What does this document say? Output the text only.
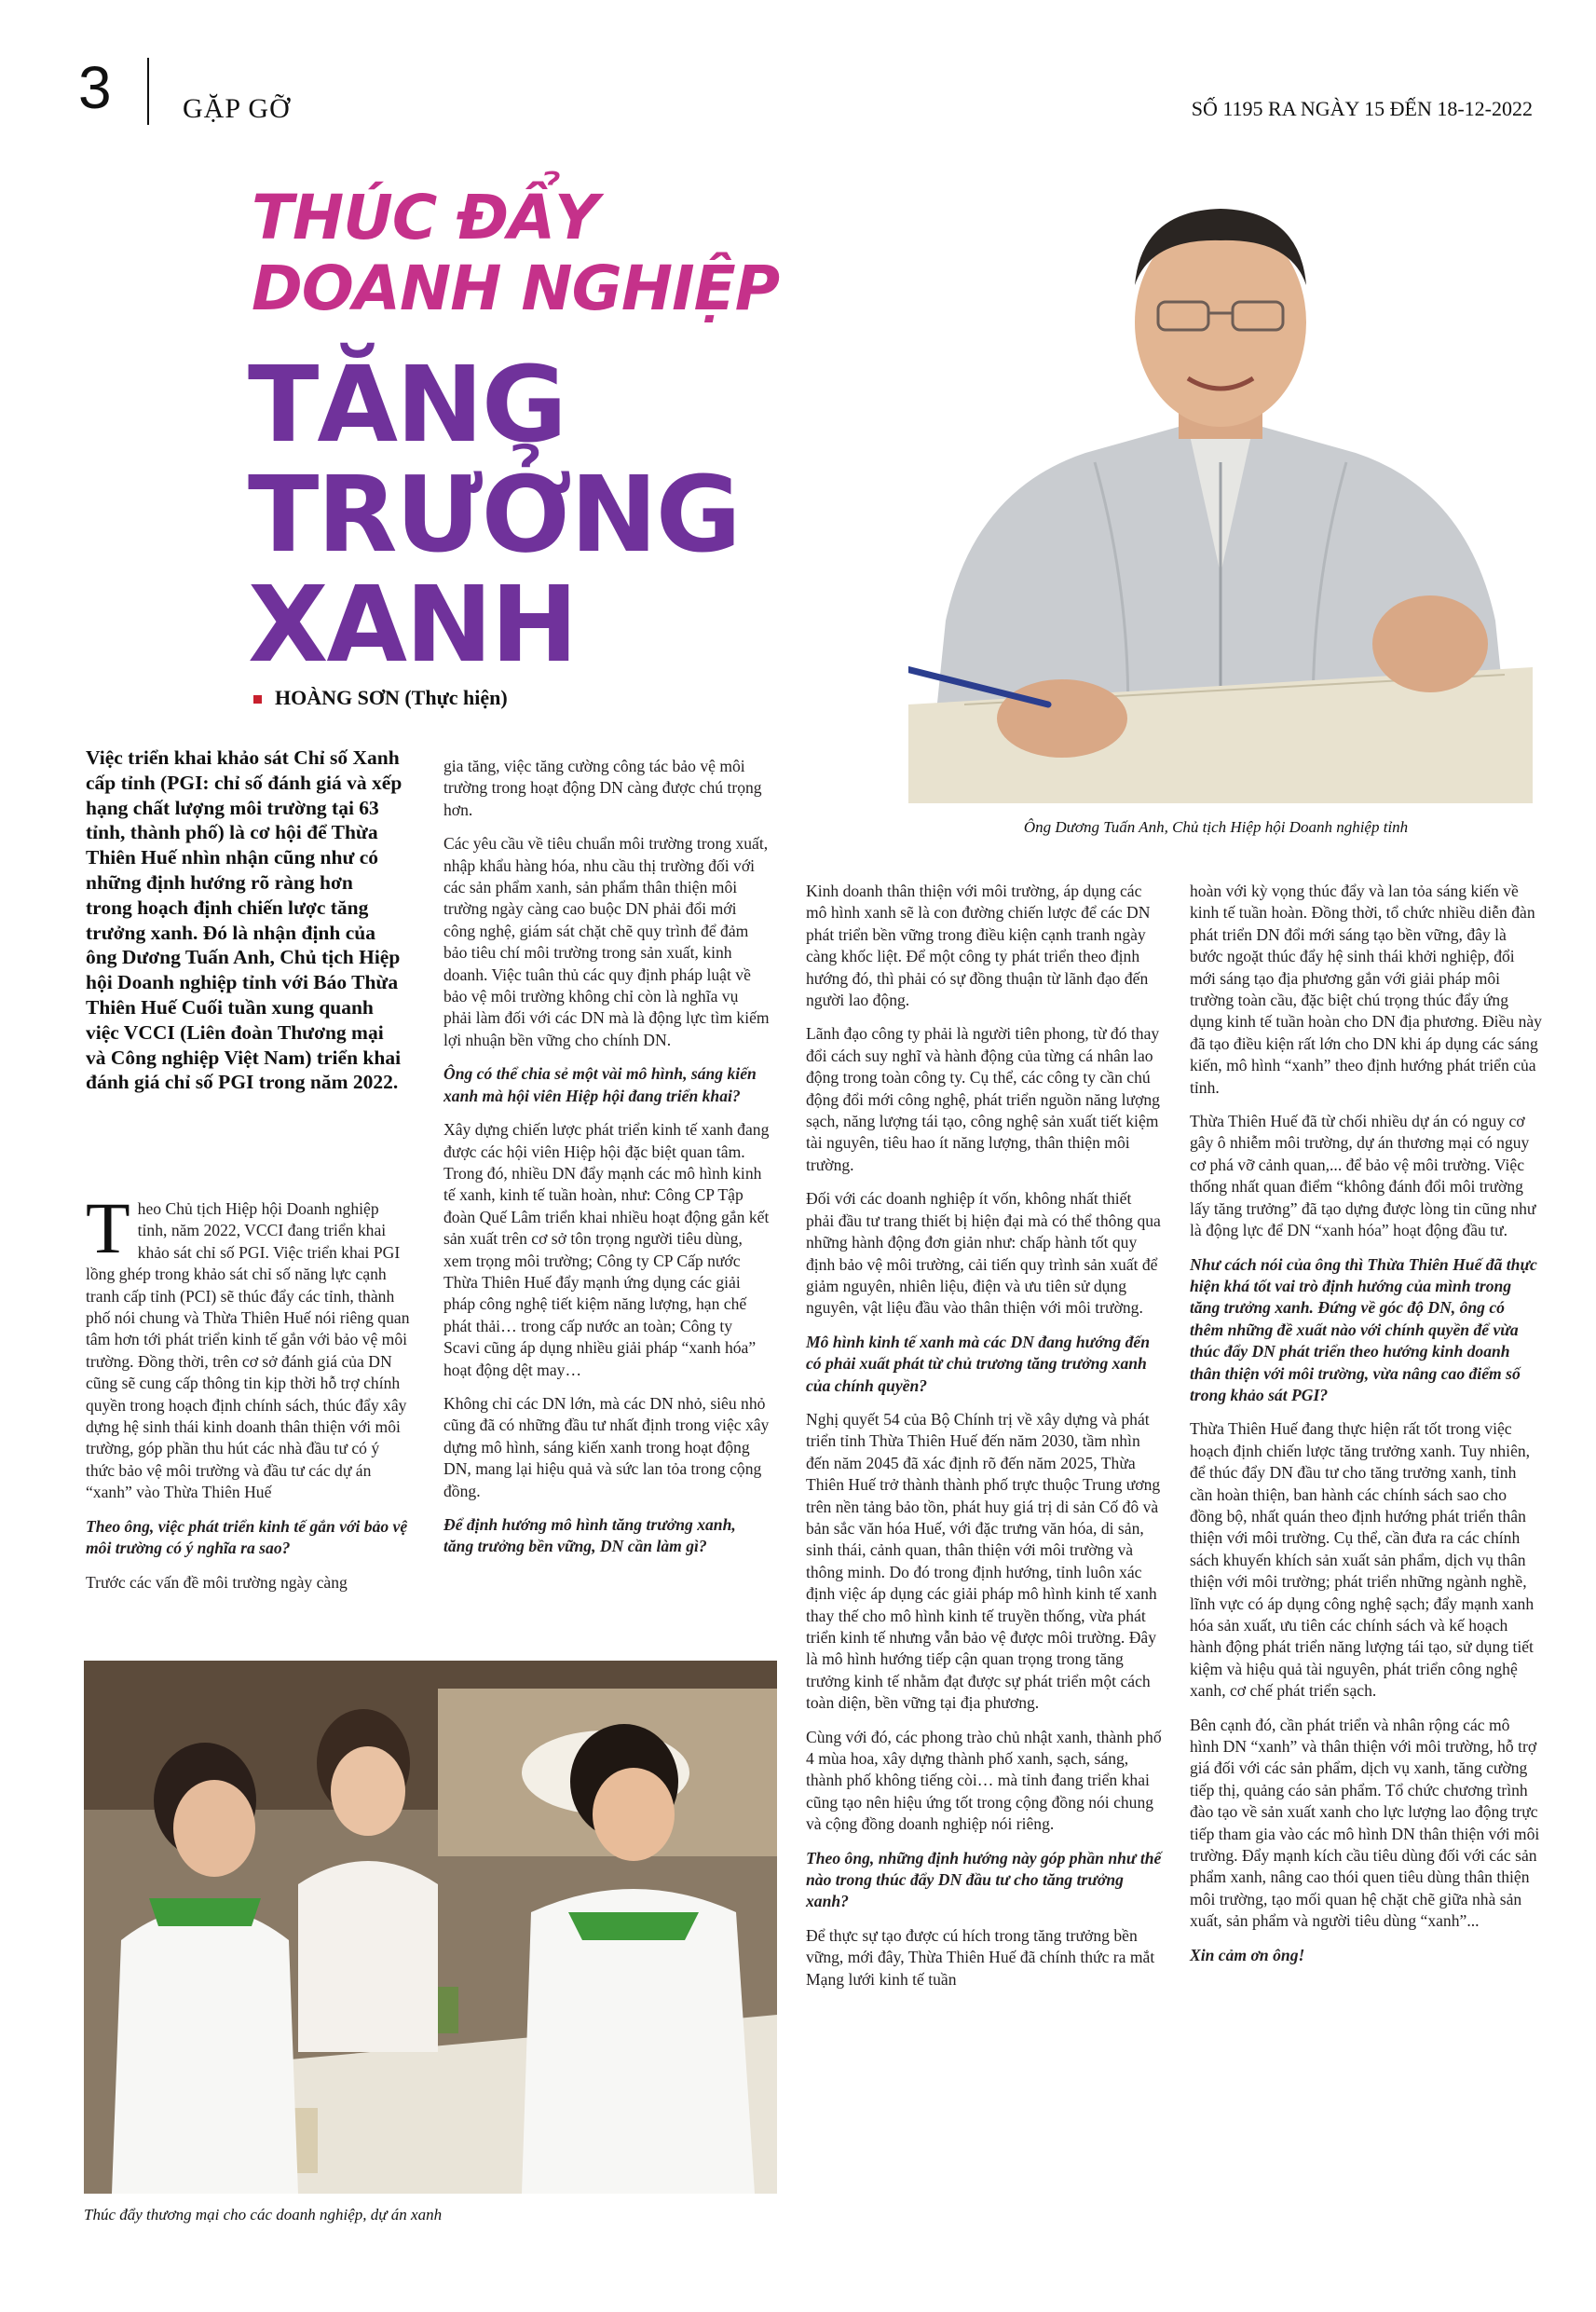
3	GẶP GỠ	SỐ 1195 RA NGÀY 15 ĐẾN 18-12-2022
THÚC ĐẨY
DOANH NGHIỆP
TĂNG
TRƯỞNG
XANH
HOÀNG SƠN (Thực hiện)
Ông Dương Tuấn Anh, Chủ tịch Hiệp hội Doanh nghiệp tỉnh
Việc triển khai khảo sát Chỉ số Xanh cấp tỉnh (PGI: chỉ số đánh giá và xếp hạng chất lượng môi trường tại 63 tỉnh, thành phố) là cơ hội để Thừa Thiên Huế nhìn nhận cũng như có những định hướng rõ ràng hơn trong hoạch định chiến lược tăng trưởng xanh. Đó là nhận định của ông Dương Tuấn Anh, Chủ tịch Hiệp hội Doanh nghiệp tỉnh với Báo Thừa Thiên Huế Cuối tuần xung quanh việc VCCI (Liên đoàn Thương mại và Công nghiệp Việt Nam) triển khai đánh giá chỉ số PGI trong năm 2022.

Theo Chủ tịch Hiệp hội Doanh nghiệp tỉnh, năm 2022, VCCI đang triển khai khảo sát chỉ số PGI. Việc triển khai PGI lồng ghép trong khảo sát chỉ số năng lực cạnh tranh cấp tỉnh (PCI) sẽ thúc đẩy các tỉnh, thành phố nói chung và Thừa Thiên Huế nói riêng quan tâm hơn tới phát triển kinh tế gắn với bảo vệ môi trường. Đồng thời, trên cơ sở đánh giá của DN cũng sẽ cung cấp thông tin kịp thời hỗ trợ chính quyền trong hoạch định chính sách, thúc đẩy xây dựng hệ sinh thái kinh doanh thân thiện với môi trường, góp phần thu hút các nhà đầu tư có ý thức bảo vệ môi trường và đầu tư các dự án “xanh” vào Thừa Thiên Huế

Theo ông, việc phát triển kinh tế gắn với bảo vệ môi trường có ý nghĩa ra sao?

Trước các vấn đề môi trường ngày càng

gia tăng, việc tăng cường công tác bảo vệ môi trường trong hoạt động DN càng được chú trọng hơn.

Các yêu cầu về tiêu chuẩn môi trường trong xuất, nhập khẩu hàng hóa, nhu cầu thị trường đối với các sản phẩm xanh, sản phẩm thân thiện môi trường ngày càng cao buộc DN phải đổi mới công nghệ, giám sát chặt chẽ quy trình để đảm bảo tiêu chí môi trường trong sản xuất, kinh doanh. Việc tuân thủ các quy định pháp luật về bảo vệ môi trường không chỉ còn là nghĩa vụ phải làm đối với các DN mà là động lực tìm kiếm lợi nhuận bền vững cho chính DN.

Ông có thể chia sẻ một vài mô hình, sáng kiến xanh mà hội viên Hiệp hội đang triển khai?

Xây dựng chiến lược phát triển kinh tế xanh đang được các hội viên Hiệp hội đặc biệt quan tâm. Trong đó, nhiều DN đẩy mạnh các mô hình kinh tế xanh, kinh tế tuần hoàn, như: Công CP Tập đoàn Quế Lâm triển khai nhiều hoạt động gắn kết sản xuất trên cơ sở tôn trọng người tiêu dùng, xem trọng môi trường; Công ty CP Cấp nước Thừa Thiên Huế đẩy mạnh ứng dụng các giải pháp công nghệ tiết kiệm năng lượng, hạn chế phát thải… trong cấp nước an toàn; Công ty Scavi cũng áp dụng nhiều giải pháp “xanh hóa” hoạt động dệt may…

Không chỉ các DN lớn, mà các DN nhỏ, siêu nhỏ cũng đã có những đầu tư nhất định trong việc xây dựng mô hình, sáng kiến xanh trong hoạt động DN, mang lại hiệu quả và sức lan tỏa trong cộng đồng.

Để định hướng mô hình tăng trưởng xanh, tăng trưởng bền vững, DN cần làm gì?

Kinh doanh thân thiện với môi trường, áp dụng các mô hình xanh sẽ là con đường chiến lược để các DN phát triển bền vững trong điều kiện cạnh tranh ngày càng khốc liệt. Để một công ty phát triển theo định hướng đó, thì phải có sự đồng thuận từ lãnh đạo đến người lao động.

Lãnh đạo công ty phải là người tiên phong, từ đó thay đổi cách suy nghĩ và hành động của từng cá nhân lao động trong toàn công ty. Cụ thể, các công ty cần chú động đổi mới công nghệ, phát triển nguồn năng lượng sạch, năng lượng tái tạo, công nghệ sản xuất tiết kiệm tài nguyên, tiêu hao ít năng lượng, thân thiện môi trường.

Đối với các doanh nghiệp ít vốn, không nhất thiết phải đầu tư trang thiết bị hiện đại mà có thể thông qua những hành động đơn giản như: chấp hành tốt quy định bảo vệ môi trường, cải tiến quy trình sản xuất để giảm nguyên, nhiên liệu, điện và ưu tiên sử dụng nguyên, vật liệu đầu vào thân thiện với môi trường.

Mô hình kinh tế xanh mà các DN đang hướng đến có phải xuất phát từ chủ trương tăng trưởng xanh của chính quyền?

Nghị quyết 54 của Bộ Chính trị về xây dựng và phát triển tỉnh Thừa Thiên Huế đến năm 2030, tầm nhìn đến năm 2045 đã xác định rõ đến năm 2025, Thừa Thiên Huế trở thành thành phố trực thuộc Trung ương trên nền tảng bảo tồn, phát huy giá trị di sản Cố đô và bản sắc văn hóa Huế, với đặc trưng văn hóa, di sản, sinh thái, cảnh quan, thân thiện với môi trường và thông minh. Do đó trong định hướng, tỉnh luôn xác định việc áp dụng các giải pháp mô hình kinh tế xanh thay thế cho mô hình kinh tế truyền thống, vừa phát triển kinh tế nhưng vẫn bảo vệ được môi trường. Đây là mô hình hướng tiếp cận quan trọng trong tăng trưởng kinh tế nhằm đạt được sự phát triển một cách toàn diện, bền vững tại địa phương.

Cùng với đó, các phong trào chủ nhật xanh, thành phố 4 mùa hoa, xây dựng thành phố xanh, sạch, sáng, thành phố không tiếng còi… mà tỉnh đang triển khai cũng tạo nên hiệu ứng tốt trong cộng đồng nói chung và cộng đồng doanh nghiệp nói riêng.

Theo ông, những định hướng này góp phần như thế nào trong thúc đẩy DN đầu tư cho tăng trưởng xanh?

Để thực sự tạo được cú hích trong tăng trưởng bền vững, mới đây, Thừa Thiên Huế đã chính thức ra mắt Mạng lưới kinh tế tuần

hoàn với kỳ vọng thúc đẩy và lan tỏa sáng kiến về kinh tế tuần hoàn. Đồng thời, tổ chức nhiều diễn đàn phát triển DN đổi mới sáng tạo bền vững, đây là bước ngoặt thúc đẩy hệ sinh thái khởi nghiệp, đổi mới sáng tạo địa phương gắn với giải pháp môi trường toàn cầu, đặc biệt chú trọng thúc đẩy ứng dụng kinh tế tuần hoàn cho DN địa phương. Điều này đã tạo điều kiện rất lớn cho DN khi áp dụng các sáng kiến, mô hình “xanh” theo định hướng phát triển của tỉnh.

Thừa Thiên Huế đã từ chối nhiều dự án có nguy cơ gây ô nhiễm môi trường, dự án thương mại có nguy cơ phá vỡ cảnh quan,... để bảo vệ môi trường. Việc thống nhất quan điểm “không đánh đổi môi trường lấy tăng trưởng” đã tạo dựng được lòng tin cũng như là động lực để DN “xanh hóa” hoạt động đầu tư.

Như cách nói của ông thì Thừa Thiên Huế đã thực hiện khá tốt vai trò định hướng của mình trong tăng trưởng xanh. Đứng về góc độ DN, ông có thêm những đề xuất nào với chính quyền để vừa thúc đẩy DN phát triển theo hướng kinh doanh thân thiện với môi trường, vừa nâng cao điểm số trong khảo sát PGI?

Thừa Thiên Huế đang thực hiện rất tốt trong việc hoạch định chiến lược tăng trưởng xanh. Tuy nhiên, để thúc đẩy DN đầu tư cho tăng trưởng xanh, tỉnh cần hoàn thiện, ban hành các chính sách sao cho đồng bộ, nhất quán theo định hướng phát triển thân thiện với môi trường. Cụ thể, cần đưa ra các chính sách khuyến khích sản xuất sản phẩm, dịch vụ thân thiện với môi trường; phát triển những ngành nghề, lĩnh vực có áp dụng công nghệ sạch; đẩy mạnh xanh hóa sản xuất, ưu tiên các chính sách và kế hoạch hành động phát triển năng lượng tái tạo, sử dụng tiết kiệm và hiệu quả tài nguyên, phát triển công nghệ xanh, cơ chế phát triển sạch.

Bên cạnh đó, cần phát triển và nhân rộng các mô hình DN “xanh” và thân thiện với môi trường, hỗ trợ giá đối với các sản phẩm, dịch vụ xanh, tăng cường tiếp thị, quảng cáo sản phẩm. Tổ chức chương trình đào tạo về sản xuất xanh cho lực lượng lao động trực tiếp tham gia vào các mô hình DN thân thiện với môi trường. Đẩy mạnh kích cầu tiêu dùng đối với các sản phẩm xanh, nâng cao thói quen tiêu dùng thân thiện môi trường, tạo mối quan hệ chặt chẽ giữa nhà sản xuất, sản phẩm và người tiêu dùng “xanh”...

Xin cảm ơn ông!

Thúc đẩy thương mại cho các doanh nghiệp, dự án xanh
